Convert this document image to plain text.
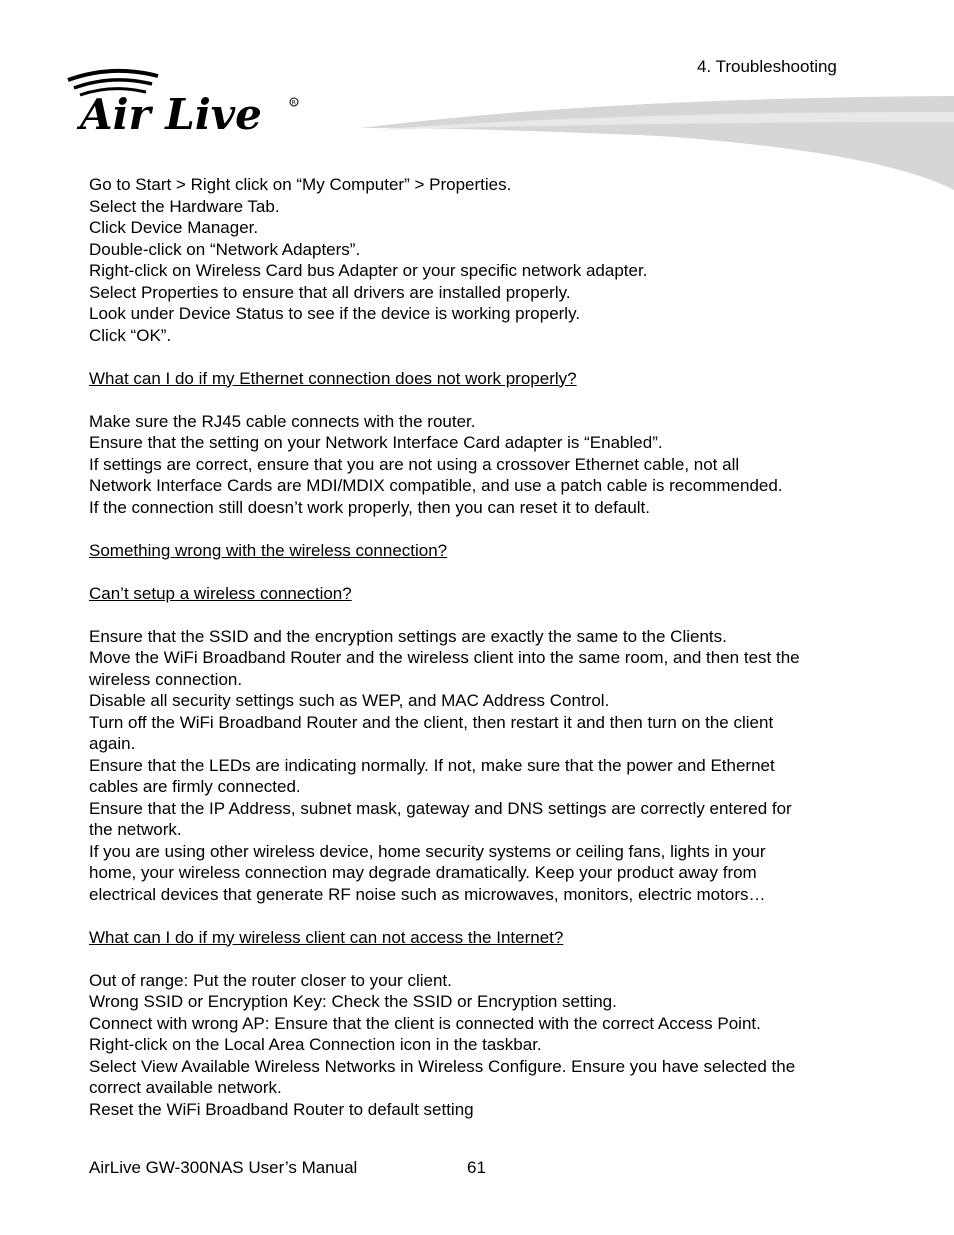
4. Troubleshooting
Air Live	R
Go to Start > Right click on “My Computer” > Properties.
Select the Hardware Tab.
Click Device Manager.
Double-click on “Network Adapters”.
Right-click on Wireless Card bus Adapter or your specific network adapter.
Select Properties to ensure that all drivers are installed properly.
Look under Device Status to see if the device is working properly.
Click “OK”.
What can I do if my Ethernet connection does not work properly?
Make sure the RJ45 cable connects with the router.
Ensure that the setting on your Network Interface Card adapter is “Enabled”.
If settings are correct, ensure that you are not using a crossover Ethernet cable, not all
Network Interface Cards are MDI/MDIX compatible, and use a patch cable is recommended.
If the connection still doesn’t work properly, then you can reset it to default.
Something wrong with the wireless connection?
Can’t setup a wireless connection?
Ensure that the SSID and the encryption settings are exactly the same to the Clients.
Move the WiFi Broadband Router and the wireless client into the same room, and then test the
wireless connection.
Disable all security settings such as WEP, and MAC Address Control.
Turn off the WiFi Broadband Router and the client, then restart it and then turn on the client
again.
Ensure that the LEDs are indicating normally. If not, make sure that the power and Ethernet
cables are firmly connected.
Ensure that the IP Address, subnet mask, gateway and DNS settings are correctly entered for
the network.
If you are using other wireless device, home security systems or ceiling fans, lights in your
home, your wireless connection may degrade dramatically. Keep your product away from
electrical devices that generate RF noise such as microwaves, monitors, electric motors…
What can I do if my wireless client can not access the Internet?
Out of range: Put the router closer to your client.
Wrong SSID or Encryption Key: Check the SSID or Encryption setting.
Connect with wrong AP: Ensure that the client is connected with the correct Access Point.
Right-click on the Local Area Connection icon in the taskbar.
Select View Available Wireless Networks in Wireless Configure. Ensure you have selected the
correct available network.
Reset the WiFi Broadband Router to default setting
AirLive GW-300NAS User’s Manual	61
